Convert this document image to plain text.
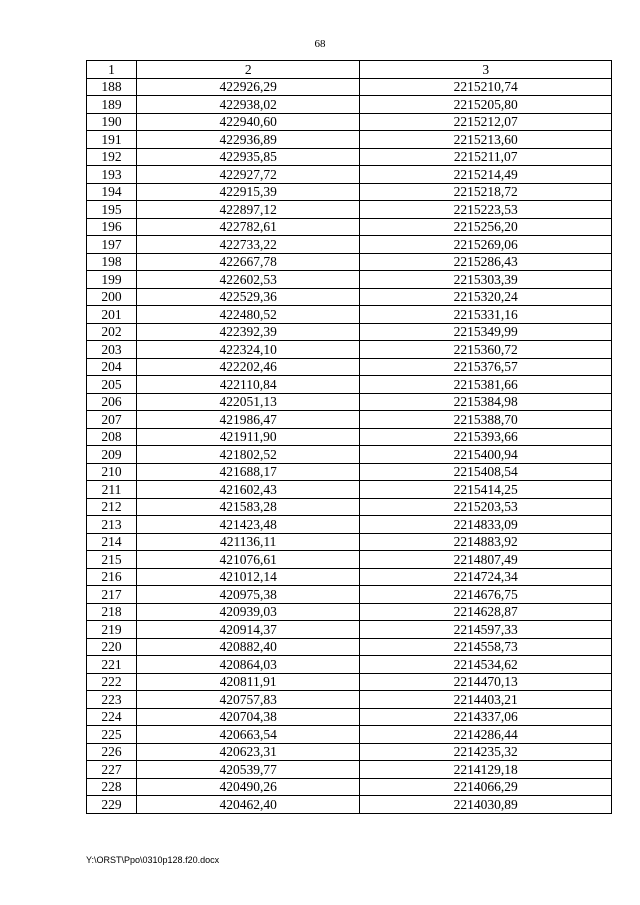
68
1	2	3
188	422926,29	2215210,74
189	422938,02	2215205,80
190	422940,60	2215212,07
191	422936,89	2215213,60
192	422935,85	2215211,07
193	422927,72	2215214,49
194	422915,39	2215218,72
195	422897,12	2215223,53
196	422782,61	2215256,20
197	422733,22	2215269,06
198	422667,78	2215286,43
199	422602,53	2215303,39
200	422529,36	2215320,24
201	422480,52	2215331,16
202	422392,39	2215349,99
203	422324,10	2215360,72
204	422202,46	2215376,57
205	422110,84	2215381,66
206	422051,13	2215384,98
207	421986,47	2215388,70
208	421911,90	2215393,66
209	421802,52	2215400,94
210	421688,17	2215408,54
211	421602,43	2215414,25
212	421583,28	2215203,53
213	421423,48	2214833,09
214	421136,11	2214883,92
215	421076,61	2214807,49
216	421012,14	2214724,34
217	420975,38	2214676,75
218	420939,03	2214628,87
219	420914,37	2214597,33
220	420882,40	2214558,73
221	420864,03	2214534,62
222	420811,91	2214470,13
223	420757,83	2214403,21
224	420704,38	2214337,06
225	420663,54	2214286,44
226	420623,31	2214235,32
227	420539,77	2214129,18
228	420490,26	2214066,29
229	420462,40	2214030,89
Y:\ORST\Ppo\0310p128.f20.docx
